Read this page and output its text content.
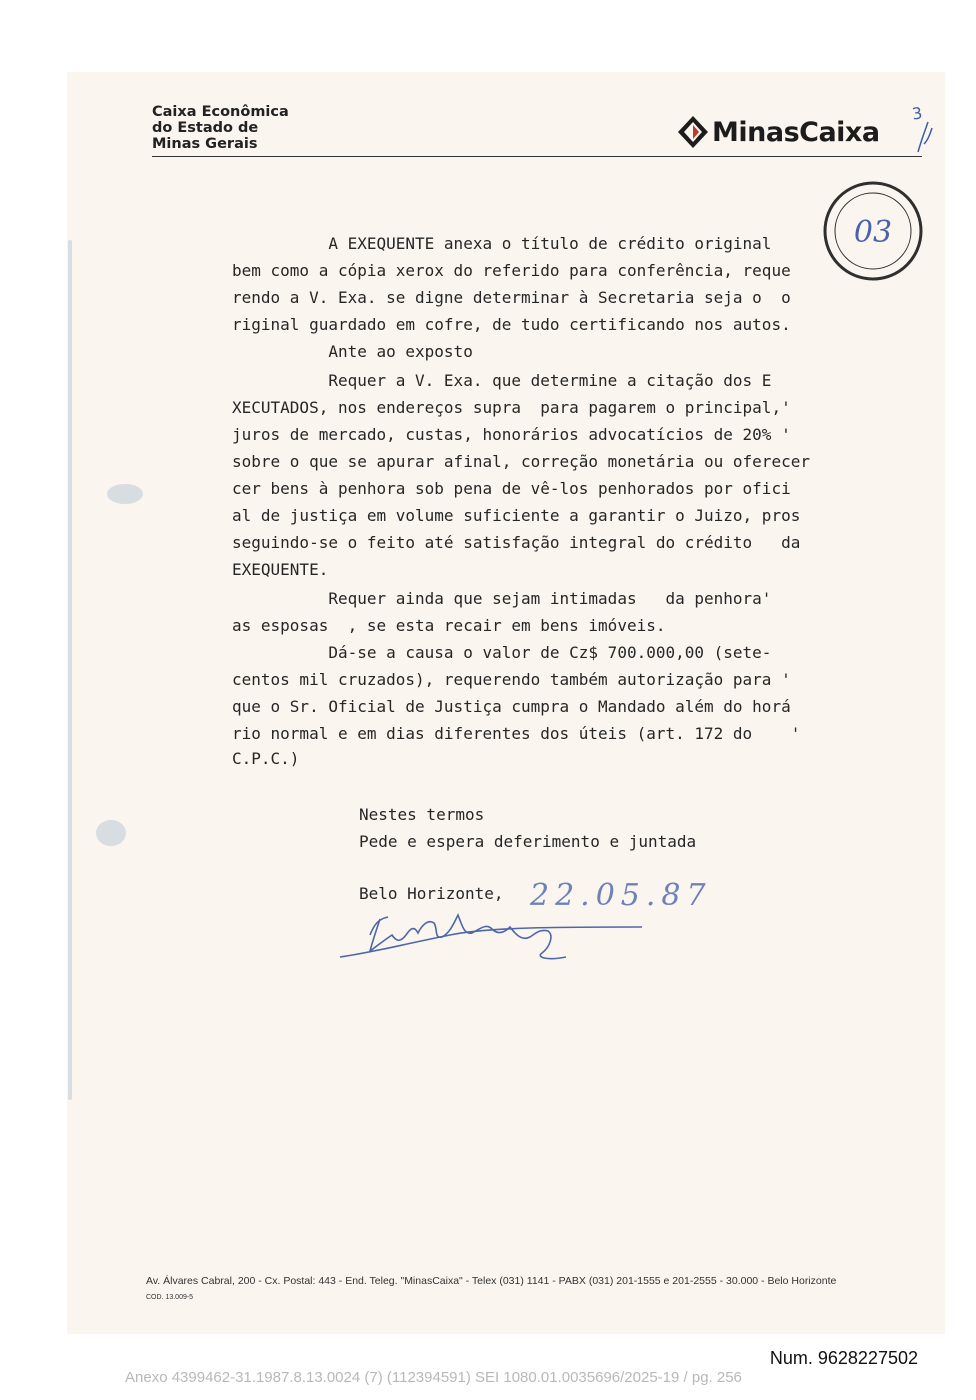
Caixa Econômica
do Estado de
Minas Gerais	MinasCaixa
3
03
A EXEQUENTE anexa o título de crédito original
bem como a cópia xerox do referido para conferência, reque
rendo a V. Exa. se digne determinar à Secretaria seja o  o
riginal guardado em cofre, de tudo certificando nos autos.
Ante ao exposto
Requer a V. Exa. que determine a citação dos E
XECUTADOS, nos endereços supra  para pagarem o principal,'
juros de mercado, custas, honorários advocatícios de 20% '
sobre o que se apurar afinal, correção monetária ou oferecer
cer bens à penhora sob pena de vê-los penhorados por ofici
al de justiça em volume suficiente a garantir o Juizo, pros
seguindo-se o feito até satisfação integral do crédito   da
EXEQUENTE.
Requer ainda que sejam intimadas   da penhora'
as esposas  , se esta recair em bens imóveis.
Dá-se a causa o valor de Cz$ 700.000,00 (sete-
centos mil cruzados), requerendo também autorização para '
que o Sr. Oficial de Justiça cumpra o Mandado além do horá
rio normal e em dias diferentes dos úteis (art. 172 do    '
C.P.C.)
Nestes termos
Pede e espera deferimento e juntada
Belo Horizonte, 22.05.87
Av. Álvares Cabral, 200 - Cx. Postal: 443 - End. Teleg. "MinasCaixa" - Telex (031) 1141 - PABX (031) 201-1555 e 201-2555 - 30.000 - Belo Horizonte
COD. 13.009-5
Num. 9628227502
Anexo 4399462-31.1987.8.13.0024 (7) (112394591) SEI 1080.01.0035696/2025-19 / pg. 256
